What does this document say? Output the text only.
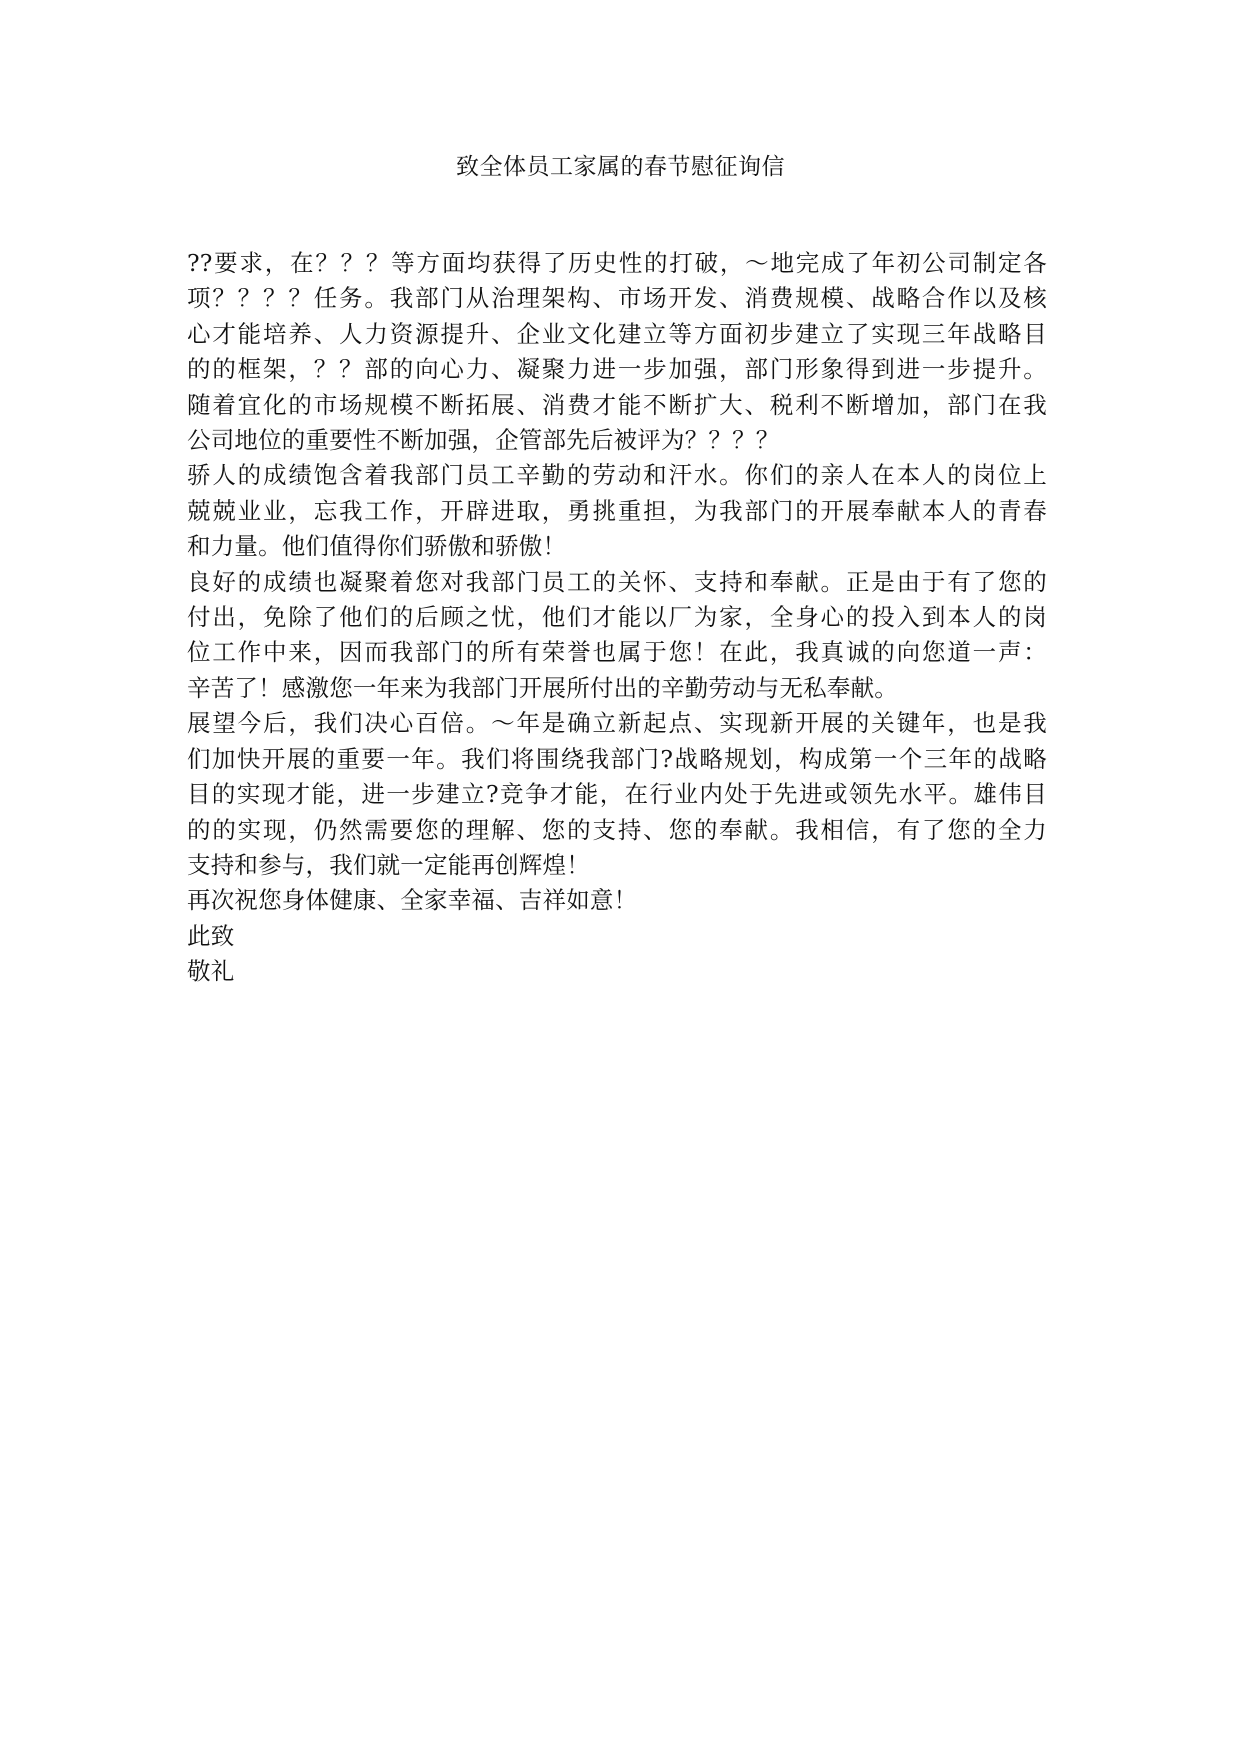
致全体员工家属的春节慰征询信
??要求，在？？？等方面均获得了历史性的打破，～地完成了年初公司制定各
项？？？？任务。我部门从治理架构、市场开发、消费规模、战略合作以及核
心才能培养、人力资源提升、企业文化建立等方面初步建立了实现三年战略目
的的框架，？？部的向心力、凝聚力进一步加强，部门形象得到进一步提升。
随着宜化的市场规模不断拓展、消费才能不断扩大、税利不断增加，部门在我
公司地位的重要性不断加强，企管部先后被评为？？？？
骄人的成绩饱含着我部门员工辛勤的劳动和汗水。你们的亲人在本人的岗位上
兢兢业业，忘我工作，开辟进取，勇挑重担，为我部门的开展奉献本人的青春
和力量。他们值得你们骄傲和骄傲！
良好的成绩也凝聚着您对我部门员工的关怀、支持和奉献。正是由于有了您的
付出，免除了他们的后顾之忧，他们才能以厂为家，全身心的投入到本人的岗
位工作中来，因而我部门的所有荣誉也属于您！在此，我真诚的向您道一声：
辛苦了！感激您一年来为我部门开展所付出的辛勤劳动与无私奉献。
展望今后，我们决心百倍。～年是确立新起点、实现新开展的关键年，也是我
们加快开展的重要一年。我们将围绕我部门?战略规划，构成第一个三年的战略
目的实现才能，进一步建立?竞争才能，在行业内处于先进或领先水平。雄伟目
的的实现，仍然需要您的理解、您的支持、您的奉献。我相信，有了您的全力
支持和参与，我们就一定能再创辉煌！
再次祝您身体健康、全家幸福、吉祥如意！
此致
敬礼
